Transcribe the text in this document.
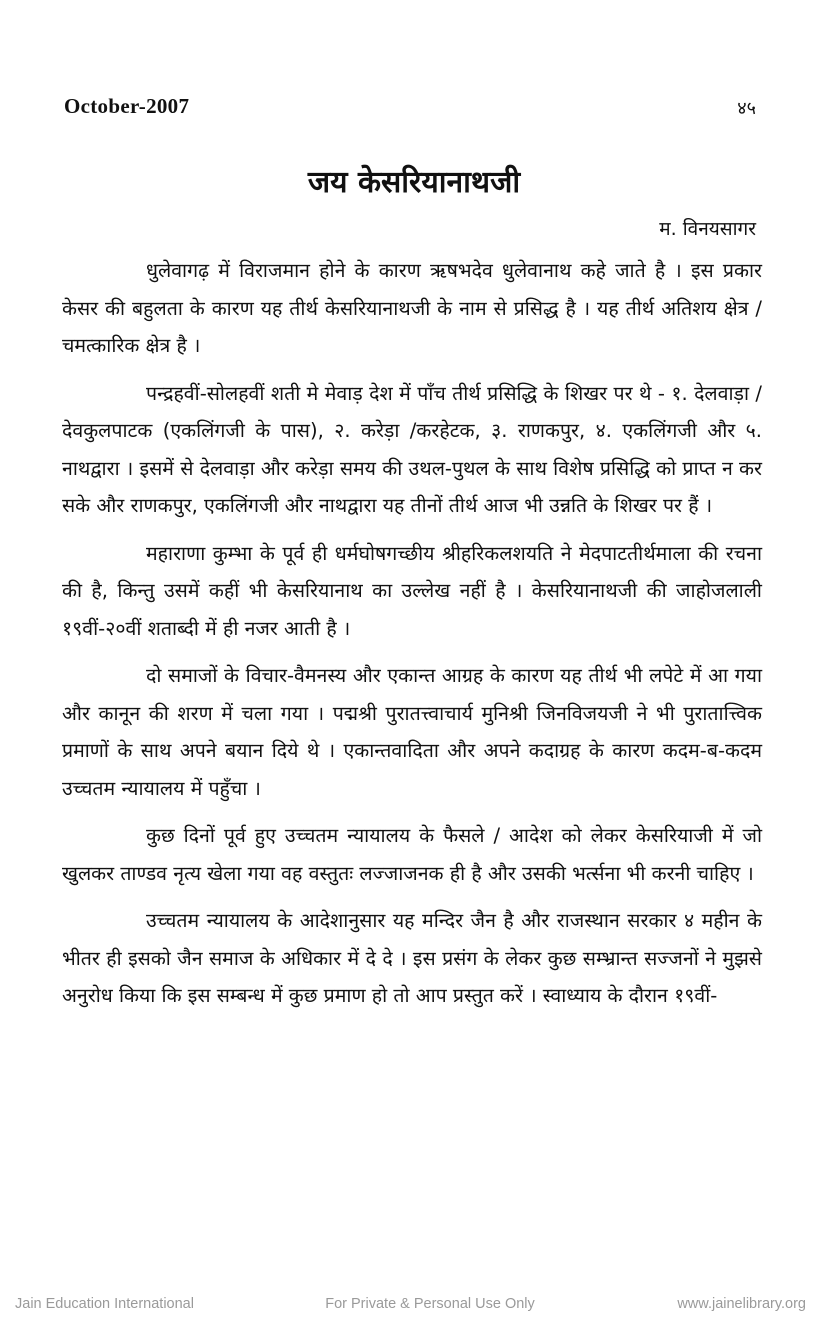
October-2007	४५
जय केसरियानाथजी
म. विनयसागर

धुलेवागढ़ में विराजमान होने के कारण ऋषभदेव धुलेवानाथ कहे जाते है । इस प्रकार केसर की बहुलता के कारण यह तीर्थ केसरियानाथजी के नाम से प्रसिद्ध है । यह तीर्थ अतिशय क्षेत्र / चमत्कारिक क्षेत्र है ।

पन्द्रहवीं-सोलहवीं शती मे मेवाड़ देश में पाँच तीर्थ प्रसिद्धि के शिखर पर थे - १. देलवाड़ा / देवकुलपाटक (एकलिंगजी के पास), २. करेड़ा /करहेटक, ३. राणकपुर, ४. एकलिंगजी और ५. नाथद्वारा । इसमें से देलवाड़ा और करेड़ा समय की उथल-पुथल के साथ विशेष प्रसिद्धि को प्राप्त न कर सके और राणकपुर, एकलिंगजी और नाथद्वारा यह तीनों तीर्थ आज भी उन्नति के शिखर पर हैं ।

महाराणा कुम्भा के पूर्व ही धर्मघोषगच्छीय श्रीहरिकलशयति ने मेदपाटतीर्थमाला की रचना की है, किन्तु उसमें कहीं भी केसरियानाथ का उल्लेख नहीं है । केसरियानाथजी की जाहोजलाली १९वीं-२०वीं शताब्दी में ही नजर आती है ।

दो समाजों के विचार-वैमनस्य और एकान्त आग्रह के कारण यह तीर्थ भी लपेटे में आ गया और कानून की शरण में चला गया । पद्मश्री पुरातत्त्वाचार्य मुनिश्री जिनविजयजी ने भी पुरातात्त्विक प्रमाणों के साथ अपने बयान दिये थे । एकान्तवादिता और अपने कदाग्रह के कारण कदम-ब-कदम उच्चतम न्यायालय में पहुँचा ।

कुछ दिनों पूर्व हुए उच्चतम न्यायालय के फैसले / आदेश को लेकर केसरियाजी में जो खुलकर ताण्डव नृत्य खेला गया वह वस्तुतः लज्जाजनक ही है और उसकी भर्त्सना भी करनी चाहिए ।

उच्चतम न्यायालय के आदेशानुसार यह मन्दिर जैन है और राजस्थान सरकार ४ महीन के भीतर ही इसको जैन समाज के अधिकार में दे दे । इस प्रसंग के लेकर कुछ सम्भ्रान्त सज्जनों ने मुझसे अनुरोध किया कि इस सम्बन्ध में कुछ प्रमाण हो तो आप प्रस्तुत करें । स्वाध्याय के दौरान १९वीं-

Jain Education International	For Private & Personal Use Only	www.jainelibrary.org
